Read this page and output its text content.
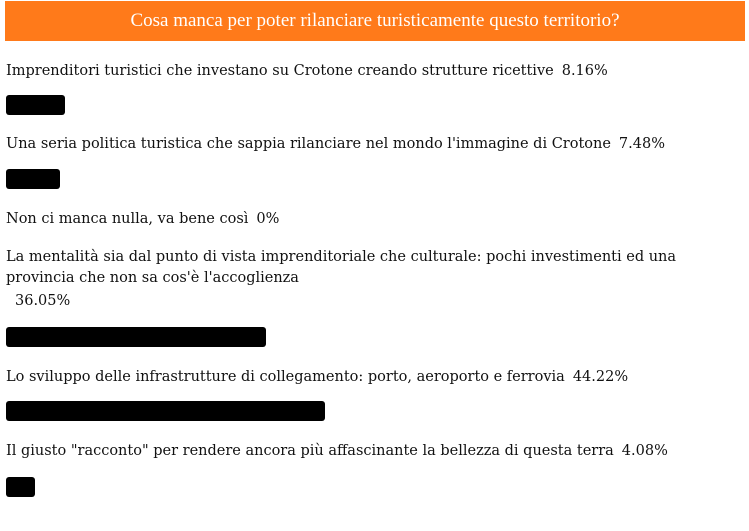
Cosa manca per poter rilanciare turisticamente questo territorio?
Imprenditori turistici che investano su Crotone creando strutture ricettive 8.16%
Una seria politica turistica che sappia rilanciare nel mondo l'immagine di Crotone 7.48%
Non ci manca nulla, va bene così 0%
La mentalità sia dal punto di vista imprenditoriale che culturale: pochi investimenti ed una provincia che non sa cos'è l'accoglienza
36.05%
Lo sviluppo delle infrastrutture di collegamento: porto, aeroporto e ferrovia 44.22%
Il giusto "racconto" per rendere ancora più affascinante la bellezza di questa terra 4.08%
